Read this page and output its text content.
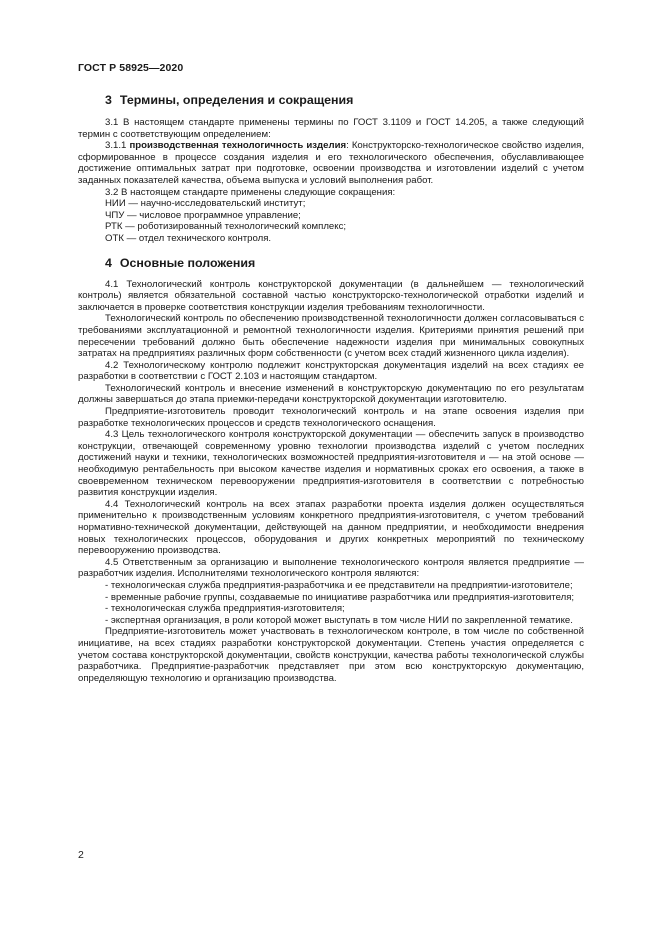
ГОСТ Р 58925—2020
3 Термины, определения и сокращения

3.1 В настоящем стандарте применены термины по ГОСТ 3.1109 и ГОСТ 14.205, а также следующий термин с соответствующим определением:

3.1.1 производственная технологичность изделия: Конструкторско-технологическое свойство изделия, сформированное в процессе создания изделия и его технологического обеспечения, обуславливающее достижение оптимальных затрат при подготовке, освоении производства и изготовлении изделий с учетом заданных показателей качества, объема выпуска и условий выполнения работ.

3.2 В настоящем стандарте применены следующие сокращения:

НИИ — научно-исследовательский институт;

ЧПУ — числовое программное управление;

РТК — роботизированный технологический комплекс;

ОТК — отдел технического контроля.

4 Основные положения

4.1 Технологический контроль конструкторской документации (в дальнейшем — технологический контроль) является обязательной составной частью конструкторско-технологической отработки изделий и заключается в проверке соответствия конструкции изделия требованиям технологичности.

Технологический контроль по обеспечению производственной технологичности должен согласовываться с требованиями эксплуатационной и ремонтной технологичности изделия. Критериями принятия решений при пересечении требований должно быть обеспечение надежности изделия при минимальных совокупных затратах на предприятиях различных форм собственности (с учетом всех стадий жизненного цикла изделия).

4.2 Технологическому контролю подлежит конструкторская документация изделий на всех стадиях ее разработки в соответствии с ГОСТ 2.103 и настоящим стандартом.

Технологический контроль и внесение изменений в конструкторскую документацию по его результатам должны завершаться до этапа приемки-передачи конструкторской документации изготовителю.

Предприятие-изготовитель проводит технологический контроль и на этапе освоения изделия при разработке технологических процессов и средств технологического оснащения.

4.3 Цель технологического контроля конструкторской документации — обеспечить запуск в производство конструкции, отвечающей современному уровню технологии производства изделий с учетом последних достижений науки и техники, технологических возможностей предприятия-изготовителя и — на этой основе — необходимую рентабельность при высоком качестве изделия и нормативных сроках его освоения, а также в своевременном техническом перевооружении предприятия-изготовителя в соответствии с потребностью развития конструкции изделия.

4.4 Технологический контроль на всех этапах разработки проекта изделия должен осуществляться применительно к производственным условиям конкретного предприятия-изготовителя, с учетом требований нормативно-технической документации, действующей на данном предприятии, и необходимости внедрения новых технологических процессов, оборудования и других конкретных мероприятий по техническому перевооружению производства.

4.5 Ответственным за организацию и выполнение технологического контроля является предприятие — разработчик изделия. Исполнителями технологического контроля являются:

- технологическая служба предприятия-разработчика и ее представители на предприятии-изготовителе;

- временные рабочие группы, создаваемые по инициативе разработчика или предприятия-изготовителя;

- технологическая служба предприятия-изготовителя;

- экспертная организация, в роли которой может выступать в том числе НИИ по закрепленной тематике.

Предприятие-изготовитель может участвовать в технологическом контроле, в том числе по собственной инициативе, на всех стадиях разработки конструкторской документации. Степень участия определяется с учетом состава конструкторской документации, свойств конструкции, качества работы технологической службы разработчика. Предприятие-разработчик представляет при этом всю конструкторскую документацию, определяющую технологию и организацию производства.

2
